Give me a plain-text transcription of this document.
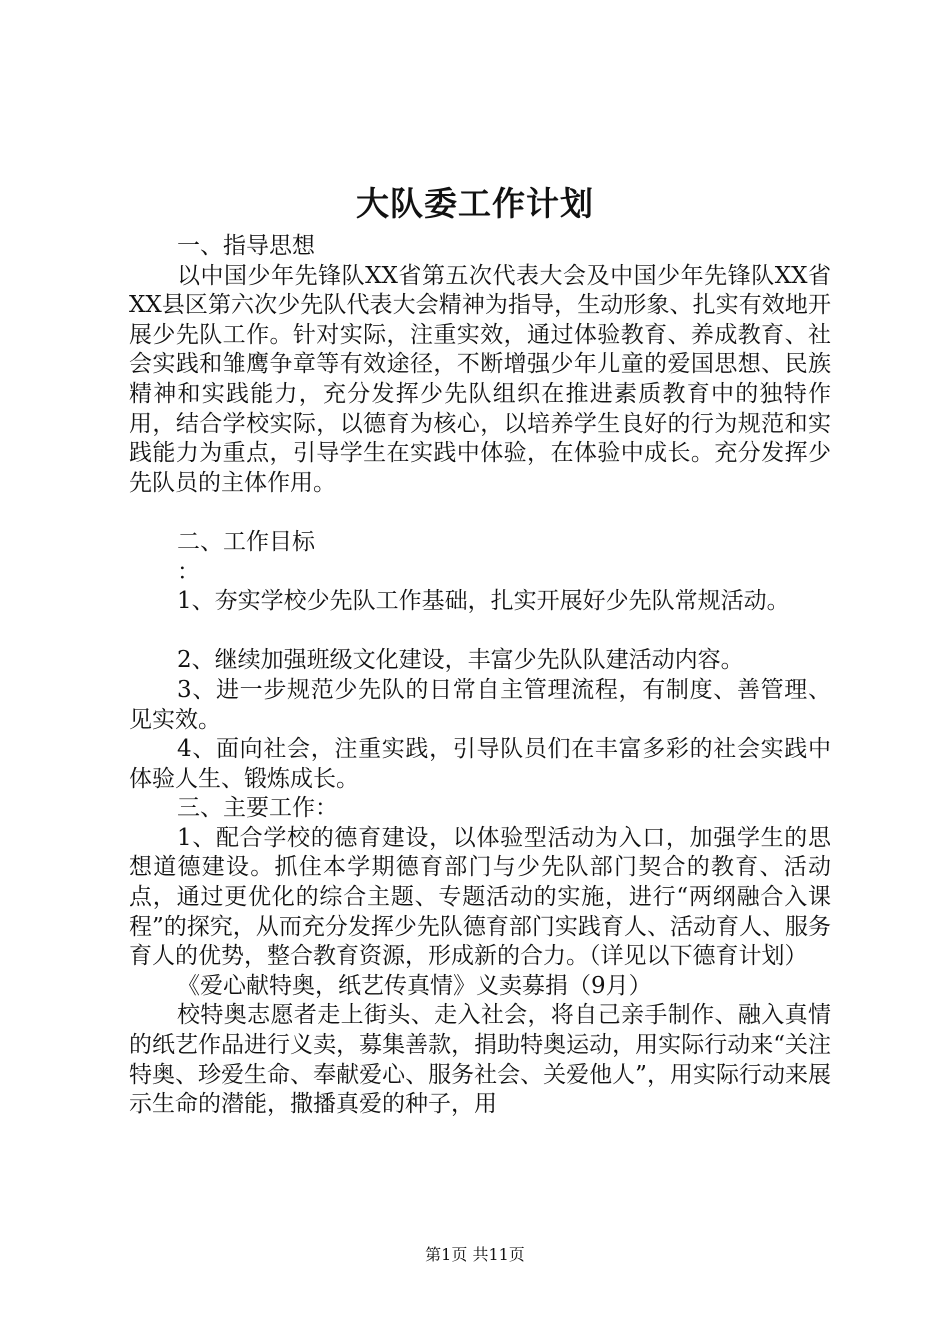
大队委工作计划

一、指导思想

以中国少年先锋队XX省第五次代表大会及中国少年先锋队XX省XX县区第六次少先队代表大会精神为指导，生动形象、扎实有效地开展少先队工作。针对实际，注重实效，通过体验教育、养成教育、社会实践和雏鹰争章等有效途径，不断增强少年儿童的爱国思想、民族精神和实践能力，充分发挥少先队组织在推进素质教育中的独特作用，结合学校实际，以德育为核心，以培养学生良好的行为规范和实践能力为重点，引导学生在实践中体验，在体验中成长。充分发挥少先队员的主体作用。

二、工作目标

：

1、夯实学校少先队工作基础，扎实开展好少先队常规活动。

2、继续加强班级文化建设，丰富少先队队建活动内容。

3、进一步规范少先队的日常自主管理流程，有制度、善管理、见实效。

4、面向社会，注重实践，引导队员们在丰富多彩的社会实践中体验人生、锻炼成长。

三、主要工作：

1、配合学校的德育建设，以体验型活动为入口，加强学生的思想道德建设。抓住本学期德育部门与少先队部门契合的教育、活动点，通过更优化的综合主题、专题活动的实施，进行“两纲融合入课程”的探究，从而充分发挥少先队德育部门实践育人、活动育人、服务育人的优势，整合教育资源，形成新的合力。（详见以下德育计划）

《爱心献特奥，纸艺传真情》义卖募捐（9月）

校特奥志愿者走上街头、走入社会，将自己亲手制作、融入真情的纸艺作品进行义卖，募集善款，捐助特奥运动，用实际行动来“关注特奥、珍爱生命、奉献爱心、服务社会、关爱他人”，用实际行动来展示生命的潜能，撒播真爱的种子，用

第1页 共11页
